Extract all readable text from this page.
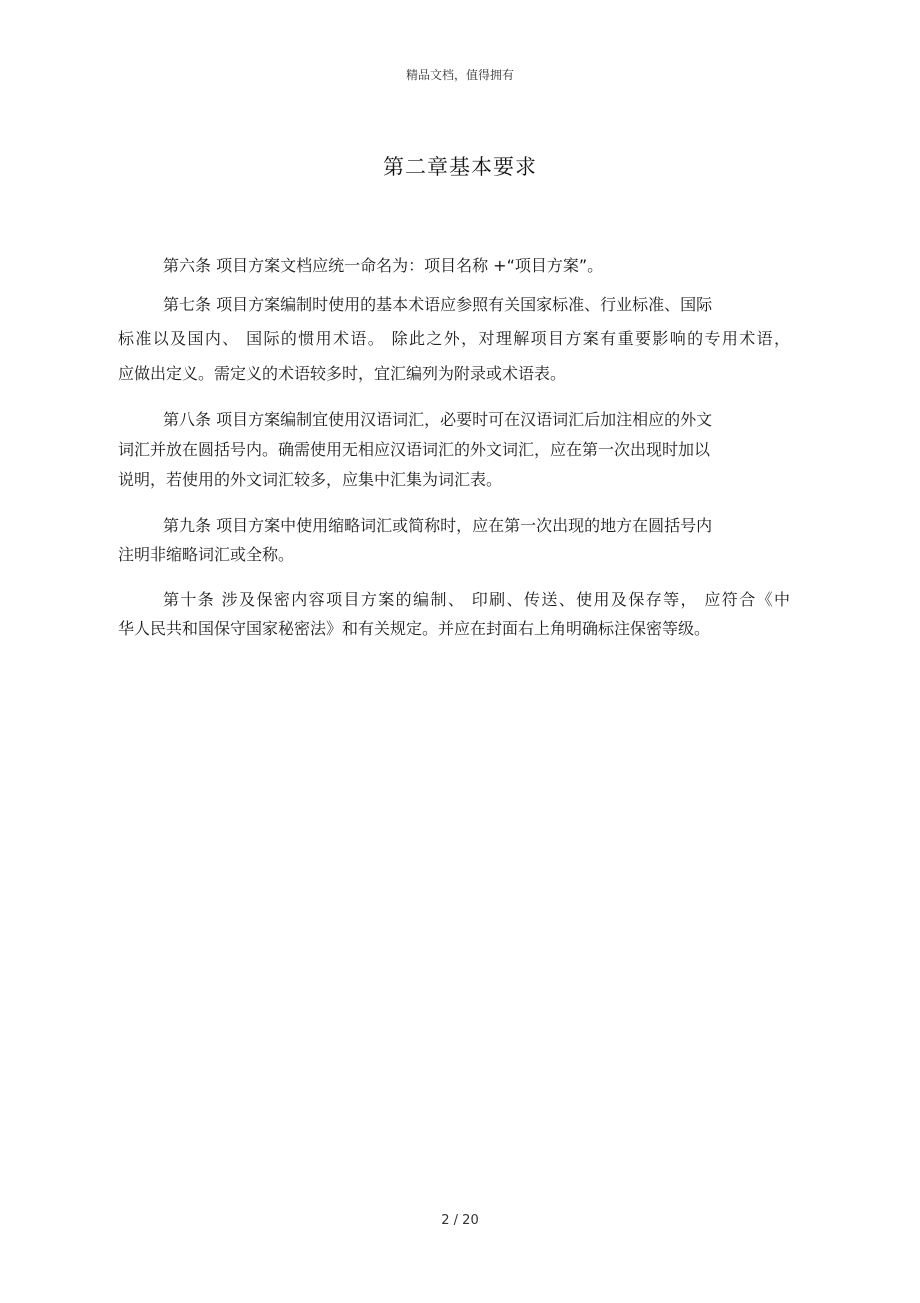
精品文档，值得拥有
第二章基本要求
第六条 项目方案文档应统一命名为：项目名称 +“项目方案”。
第七条 项目方案编制时使用的基本术语应参照有关国家标准、行业标准、国际
标准以及国内、 国际的惯用术语。 除此之外，对理解项目方案有重要影响的专用术语，
应做出定义。需定义的术语较多时，宜汇编列为附录或术语表。
第八条 项目方案编制宜使用汉语词汇，必要时可在汉语词汇后加注相应的外文
词汇并放在圆括号内。确需使用无相应汉语词汇的外文词汇，应在第一次出现时加以
说明，若使用的外文词汇较多，应集中汇集为词汇表。
第九条 项目方案中使用缩略词汇或简称时，应在第一次出现的地方在圆括号内
注明非缩略词汇或全称。
第十条 涉及保密内容项目方案的编制、 印刷、传送、使用及保存等， 应符合《中
华人民共和国保守国家秘密法》和有关规定。并应在封面右上角明确标注保密等级。
2 / 20
